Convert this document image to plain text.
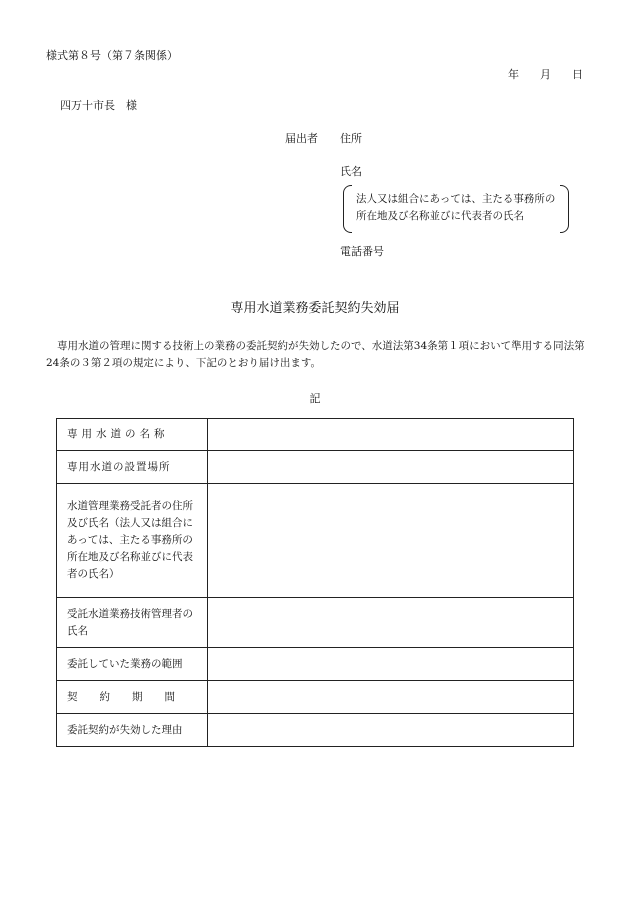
様式第８号（第７条関係）
年 月 日
四万十市長　様
届出者 住所
氏名
法人又は組合にあっては、主たる事務所の
所在地及び名称並びに代表者の氏名
電話番号
専用水道業務委託契約失効届
専用水道の管理に関する技術上の業務の委託契約が失効したので、水道法第34条第１項において準用する同法第24条の３第２項の規定により、下記のとおり届け出ます。
記
専用水道の名称	
専用水道の設置場所	
水道管理業務受託者の住所及び氏名（法人又は組合にあっては、主たる事務所の所在地及び名称並びに代表者の氏名）	
受託水道業務技術管理者の氏名	
委託していた業務の範囲	
契約期間	
委託契約が失効した理由	
